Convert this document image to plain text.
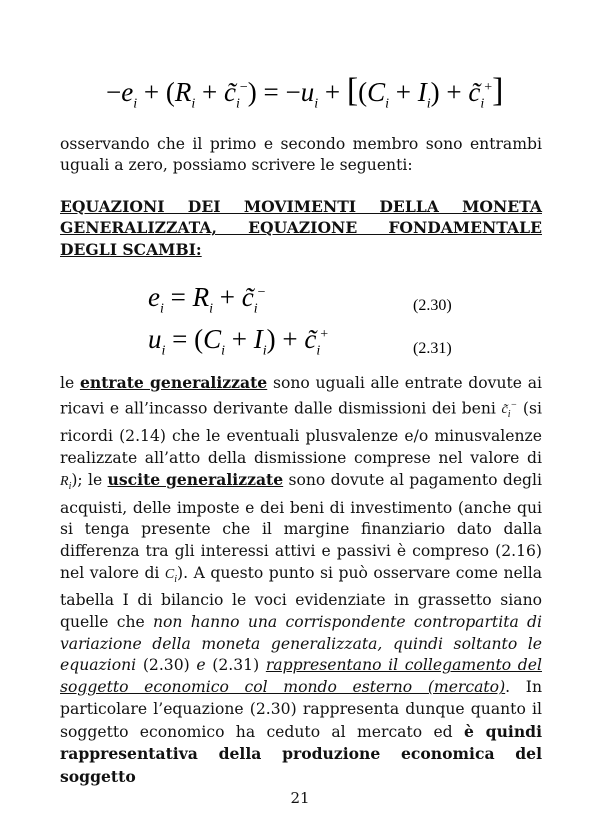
$-e_i + (R_i$ + $c̃_i^-) = -u_i + [(C_i + I_i)$ + $c̃_i^+$]
osservando che il primo e secondo membro sono entrambi uguali a zero, possiamo scrivere le seguenti:
EQUAZIONI DEI MOVIMENTI DELLA MONETA GENERALIZZATA, EQUAZIONE FONDAMENTALE DEGLI SCAMBI:
$e_i = R_i$ + $c̃_i^-$
(2.30)
$u_i = (C_i + I_i)$ + $c̃_i^+$
(2.31)
le entrate generalizzate sono uguali alle entrate dovute ai ricavi e all’incasso derivante dalle dismissioni dei beni $c̃_i^-$ (si ricordi (2.14) che le eventuali plusvalenze e/o minusvalenze realizzate all’atto della dismissione comprese nel valore di $R_i$); le uscite generalizzate sono dovute al pagamento degli acquisti, delle imposte e dei beni di investimento (anche qui si tenga presente che il margine finanziario dato dalla differenza tra gli interessi attivi e passivi è compreso (2.16) nel valore di $C_i$). A questo punto si può osservare come nella tabella I di bilancio le voci evidenziate in grassetto siano quelle che non hanno una corrispondente contropartita di variazione della moneta generalizzata, quindi soltanto le equazioni (2.30) e (2.31) rappresentano il collegamento del soggetto economico col mondo esterno (mercato). In particolare l’equazione (2.30) rappresenta dunque quanto il soggetto economico ha ceduto al mercato ed è quindi rappresentativa della produzione economica del soggetto
21
